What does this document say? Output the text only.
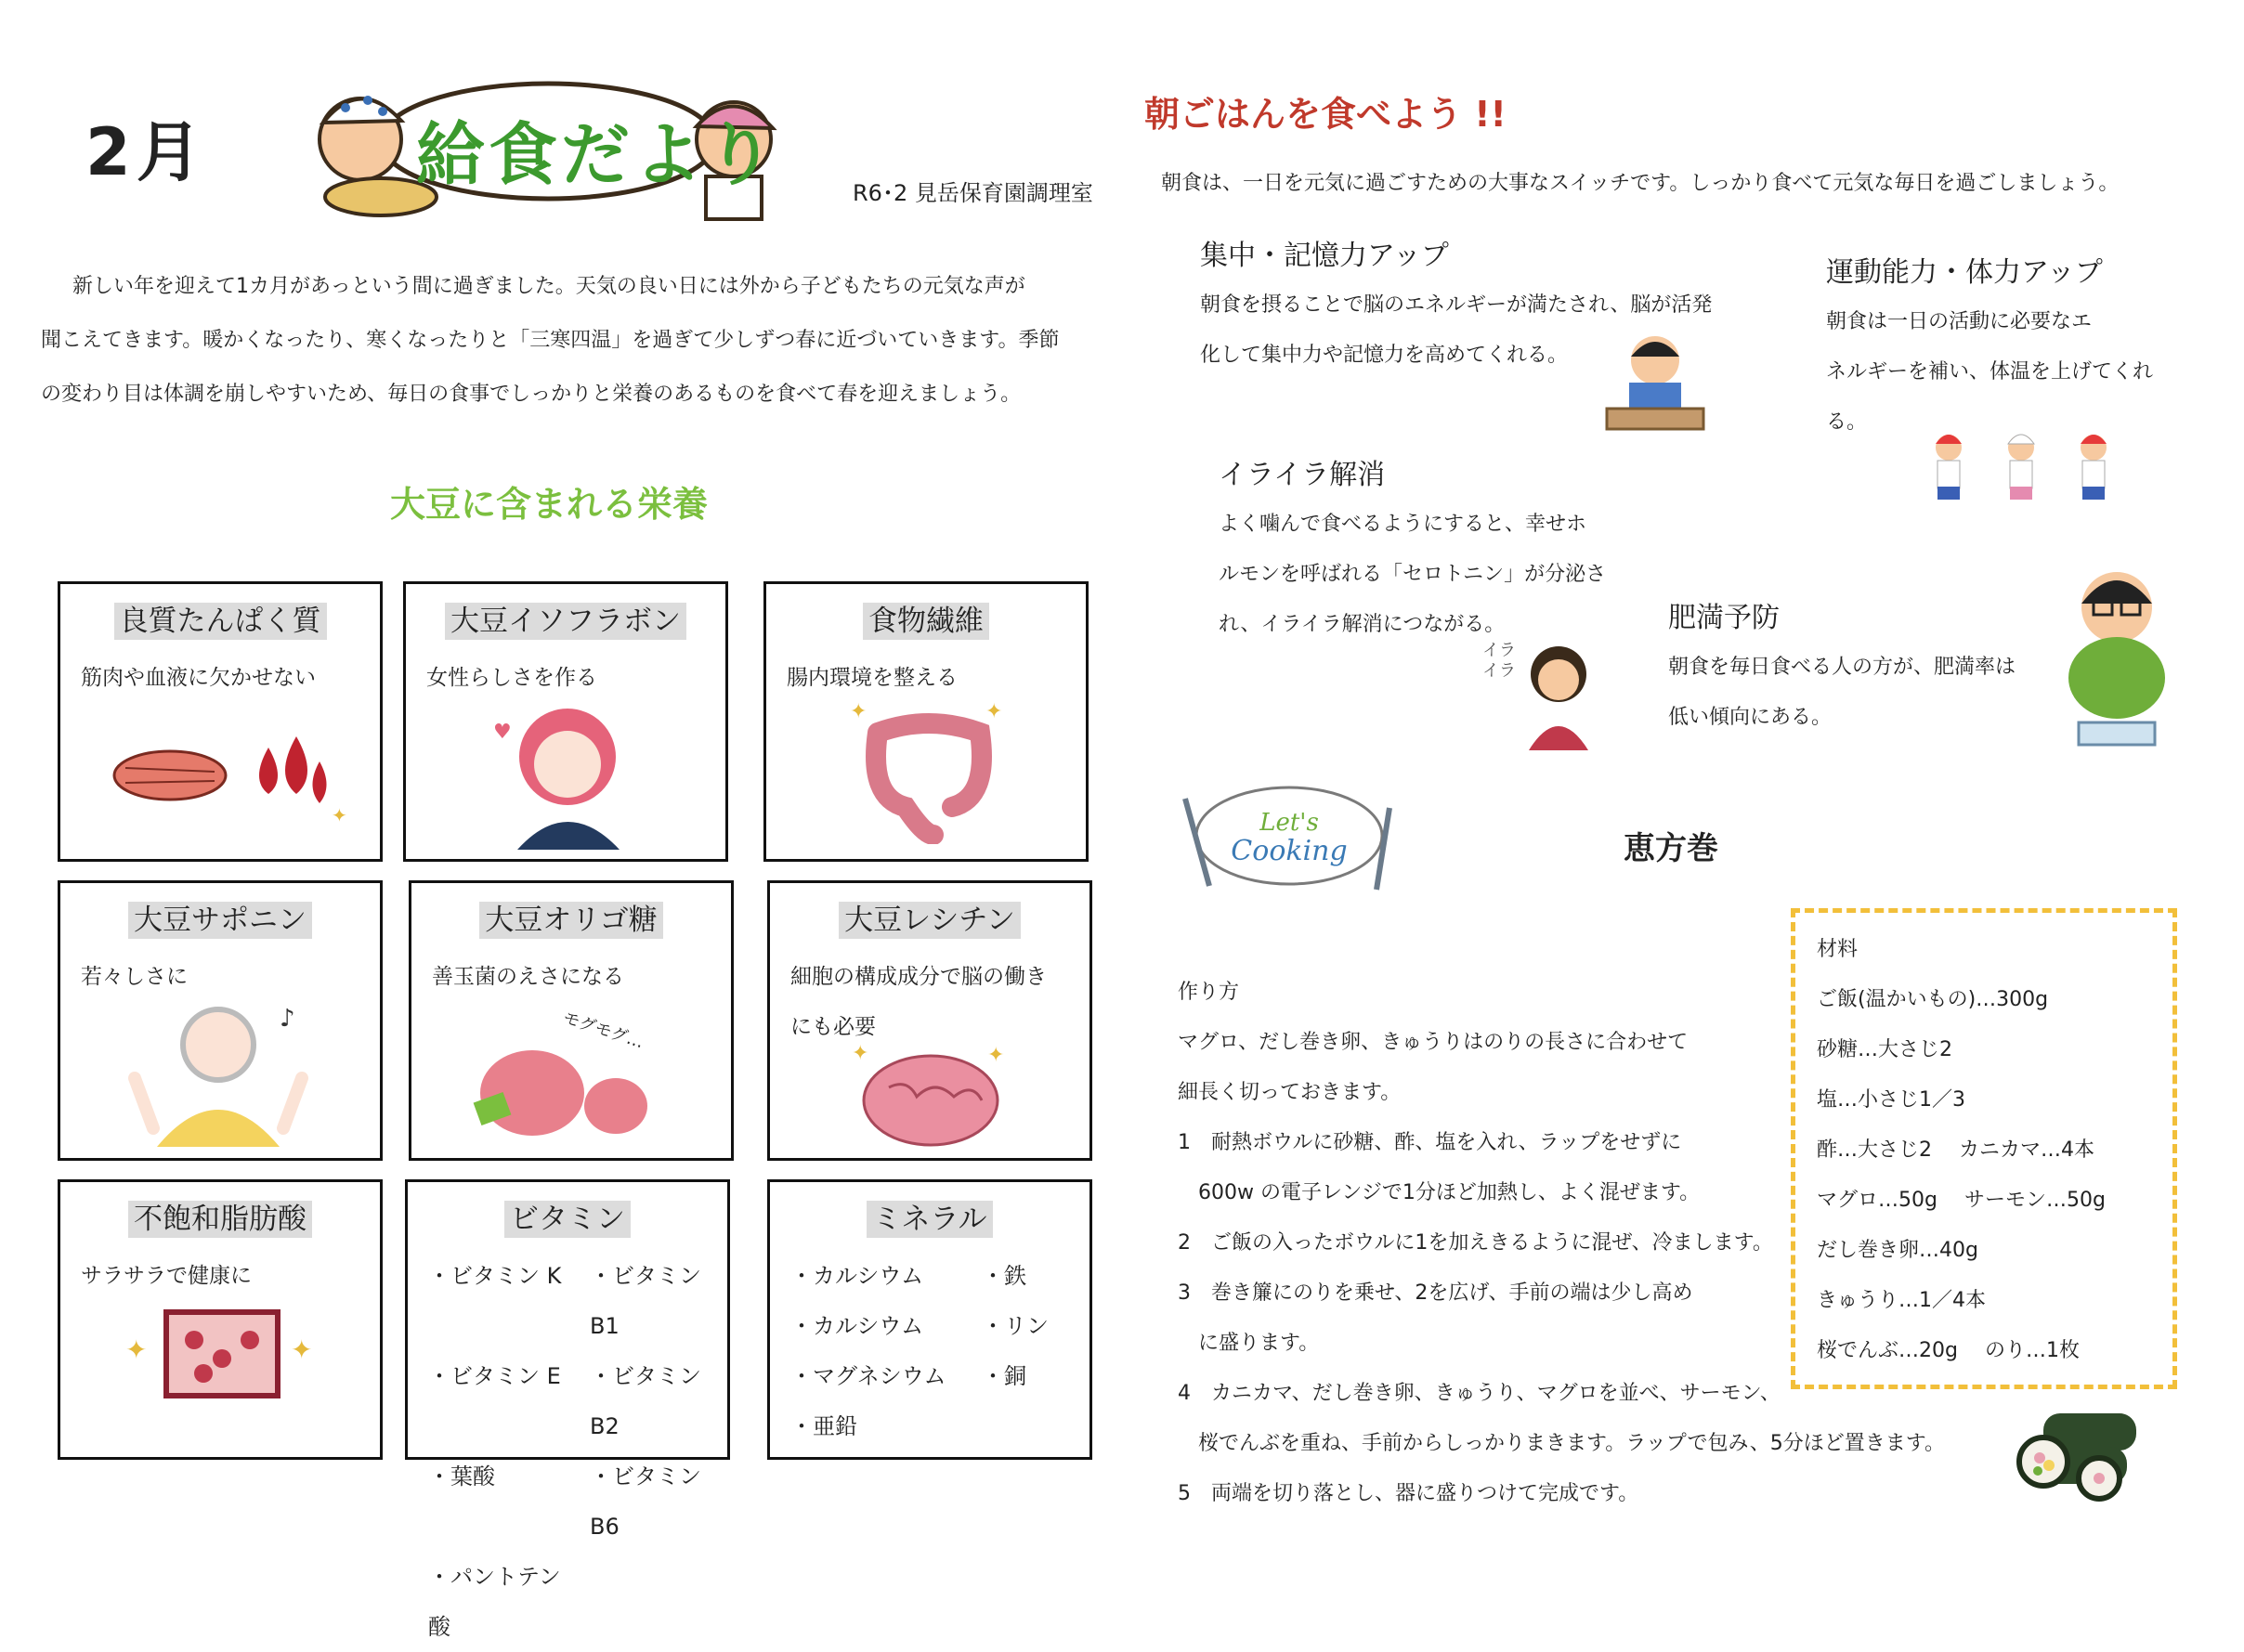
2月	給食だより	R6･2 見岳保育園調理室

新しい年を迎えて1カ月があっという間に過ぎました。天気の良い日には外から子どもたちの元気な声が

聞こえてきます。暖かくなったり、寒くなったりと「三寒四温」を過ぎて少しずつ春に近づいていきます。季節
の変わり目は体調を崩しやすいため、毎日の食事でしっかりと栄養のあるものを食べて春を迎えましょう。
大豆に含まれる栄養
良質たんぱく質
筋肉や血液に欠かせない
✦
大豆イソフラボン
女性らしさを作る
♥
食物繊維
腸内環境を整える
✦	✦
大豆サポニン
若々しさに
♪
大豆オリゴ糖
善玉菌のえさになる
モグモグ…
大豆レシチン
細胞の構成成分で脳の働き
にも必要
✦	✦
不飽和脂肪酸
サラサラで健康に
✦	✦
ビタミン
・ビタミン K ・ビタミン B1
・ビタミン E ・ビタミン B2
・葉酸	・ビタミン B6
・パントテン酸
ミネラル
・カルシウム	・鉄
・カルシウム	・リン
・マグネシウム	・銅
・亜鉛
朝ごはんを食べよう !!
朝食は、一日を元気に過ごすための大事なスイッチです。しっかり食べて元気な毎日を過ごしましょう。
集中・記憶力アップ
朝食を摂ることで脳のエネルギーが満たされ、脳が活発
化して集中力や記憶力を高めてくれる。
運動能力・体力アップ
朝食は一日の活動に必要なエ
ネルギーを補い、体温を上げてくれ
る。
イライラ解消
よく噛んで食べるようにすると、幸せホ
ルモンを呼ばれる「セロトニン」が分泌さ
れ、イライラ解消につながる。
イライラ
肥満予防
朝食を毎日食べる人の方が、肥満率は
低い傾向にある。
Let's
Cooking	恵方巻
作り方
マグロ、だし巻き卵、きゅうりはのりの長さに合わせて
細長く切っておきます。
1　耐熱ボウルに砂糖、酢、塩を入れ、ラップをせずに
　600w の電子レンジで1分ほど加熱し、よく混ぜます。
2　ご飯の入ったボウルに1を加えきるように混ぜ、冷まします。
3　巻き簾にのりを乗せ、2を広げ、手前の端は少し高め
　に盛ります。
4　カニカマ、だし巻き卵、きゅうり、マグロを並べ、サーモン、
　桜でんぶを重ね、手前からしっかりまきます。ラップで包み、5分ほど置きます。
5　両端を切り落とし、器に盛りつけて完成です。
材料
ご飯(温かいもの)…300g
砂糖…大さじ2
塩…小さじ1／3
酢…大さじ2　 カニカマ…4本
マグロ…50g　 サーモン…50g
だし巻き卵…40g
きゅうり…1／4本
桜でんぶ…20g　 のり…1枚
